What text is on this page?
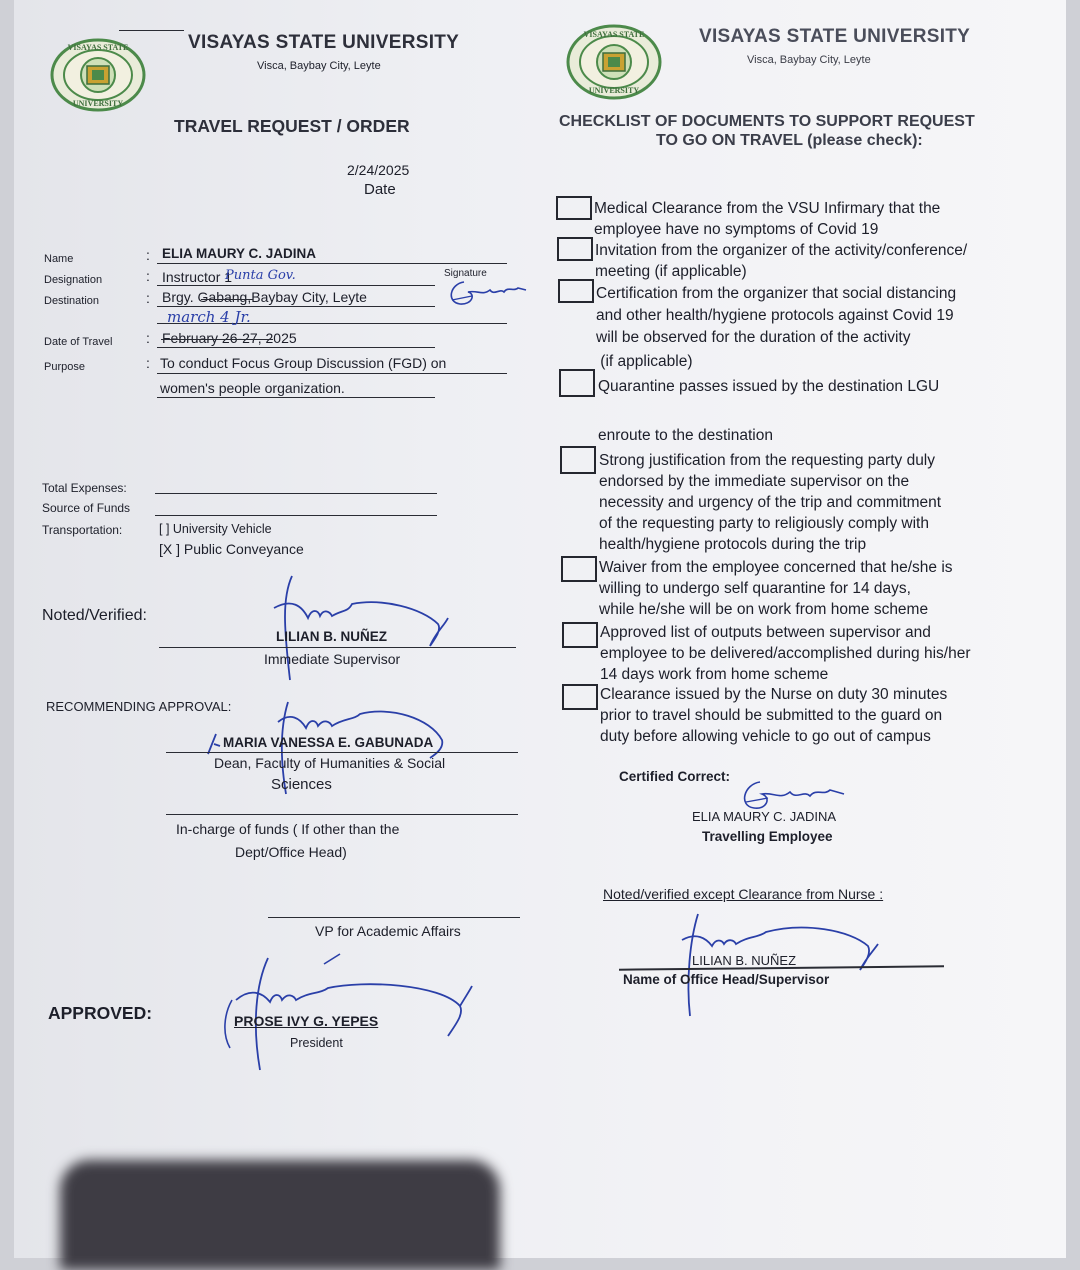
VISAYAS STATE
UNIVERSITY
VISAYAS STATE UNIVERSITY
Visca, Baybay City, Leyte
TRAVEL REQUEST / ORDER
2/24/2025
Date
Name	: ELIA MAURY C. JADINA
Designation	: Instructor 1	Signature
Destination	: Brgy. Gabang,Baybay City, Leyte
Punta Gov.
march 4 Jr.
Date of Travel : February 26-27, 2025
Purpose	: To conduct Focus Group Discussion (FGD) on
women's people organization.
Total Expenses:
Source of Funds
Transportation:	[ ] University Vehicle
[X ] Public Conveyance
Noted/Verified:
LILIAN B. NUÑEZ
Immediate Supervisor
RECOMMENDING APPROVAL:
MARIA VANESSA E. GABUNADA
Dean, Faculty of Humanities & Social
Sciences
In-charge of funds ( If other than the
Dept/Office Head)
VP for Academic Affairs
APPROVED:	PROSE IVY G. YEPES
President
VISAYAS STATE
UNIVERSITY
VISAYAS STATE UNIVERSITY
Visca, Baybay City, Leyte
CHECKLIST OF DOCUMENTS TO SUPPORT REQUEST
TO GO ON TRAVEL (please check):
Medical Clearance from the VSU Infirmary that the
employee have no symptoms of Covid 19
Invitation from the organizer of the activity/conference/
meeting (if applicable)
Certification from the organizer that social distancing
and other health/hygiene protocols against Covid 19
will be observed for the duration of the activity
(if applicable)
Quarantine passes issued by the destination LGU
enroute to the destination
Strong justification from the requesting party duly
endorsed by the immediate supervisor on the
necessity and urgency of the trip and commitment
of the requesting party to religiously comply with
health/hygiene protocols during the trip
Waiver from the employee concerned that he/she is
willing to undergo self quarantine for 14 days,
while he/she will be on work from home scheme
Approved list of outputs between supervisor and
employee to be delivered/accomplished during his/her
14 days work from home scheme
Clearance issued by the Nurse on duty 30 minutes
prior to travel should be submitted to the guard on
duty before allowing vehicle to go out of campus
Certified Correct:
ELIA MAURY C. JADINA
Travelling Employee
Noted/verified except Clearance from Nurse :
LILIAN B. NUÑEZ
Name of Office Head/Supervisor
